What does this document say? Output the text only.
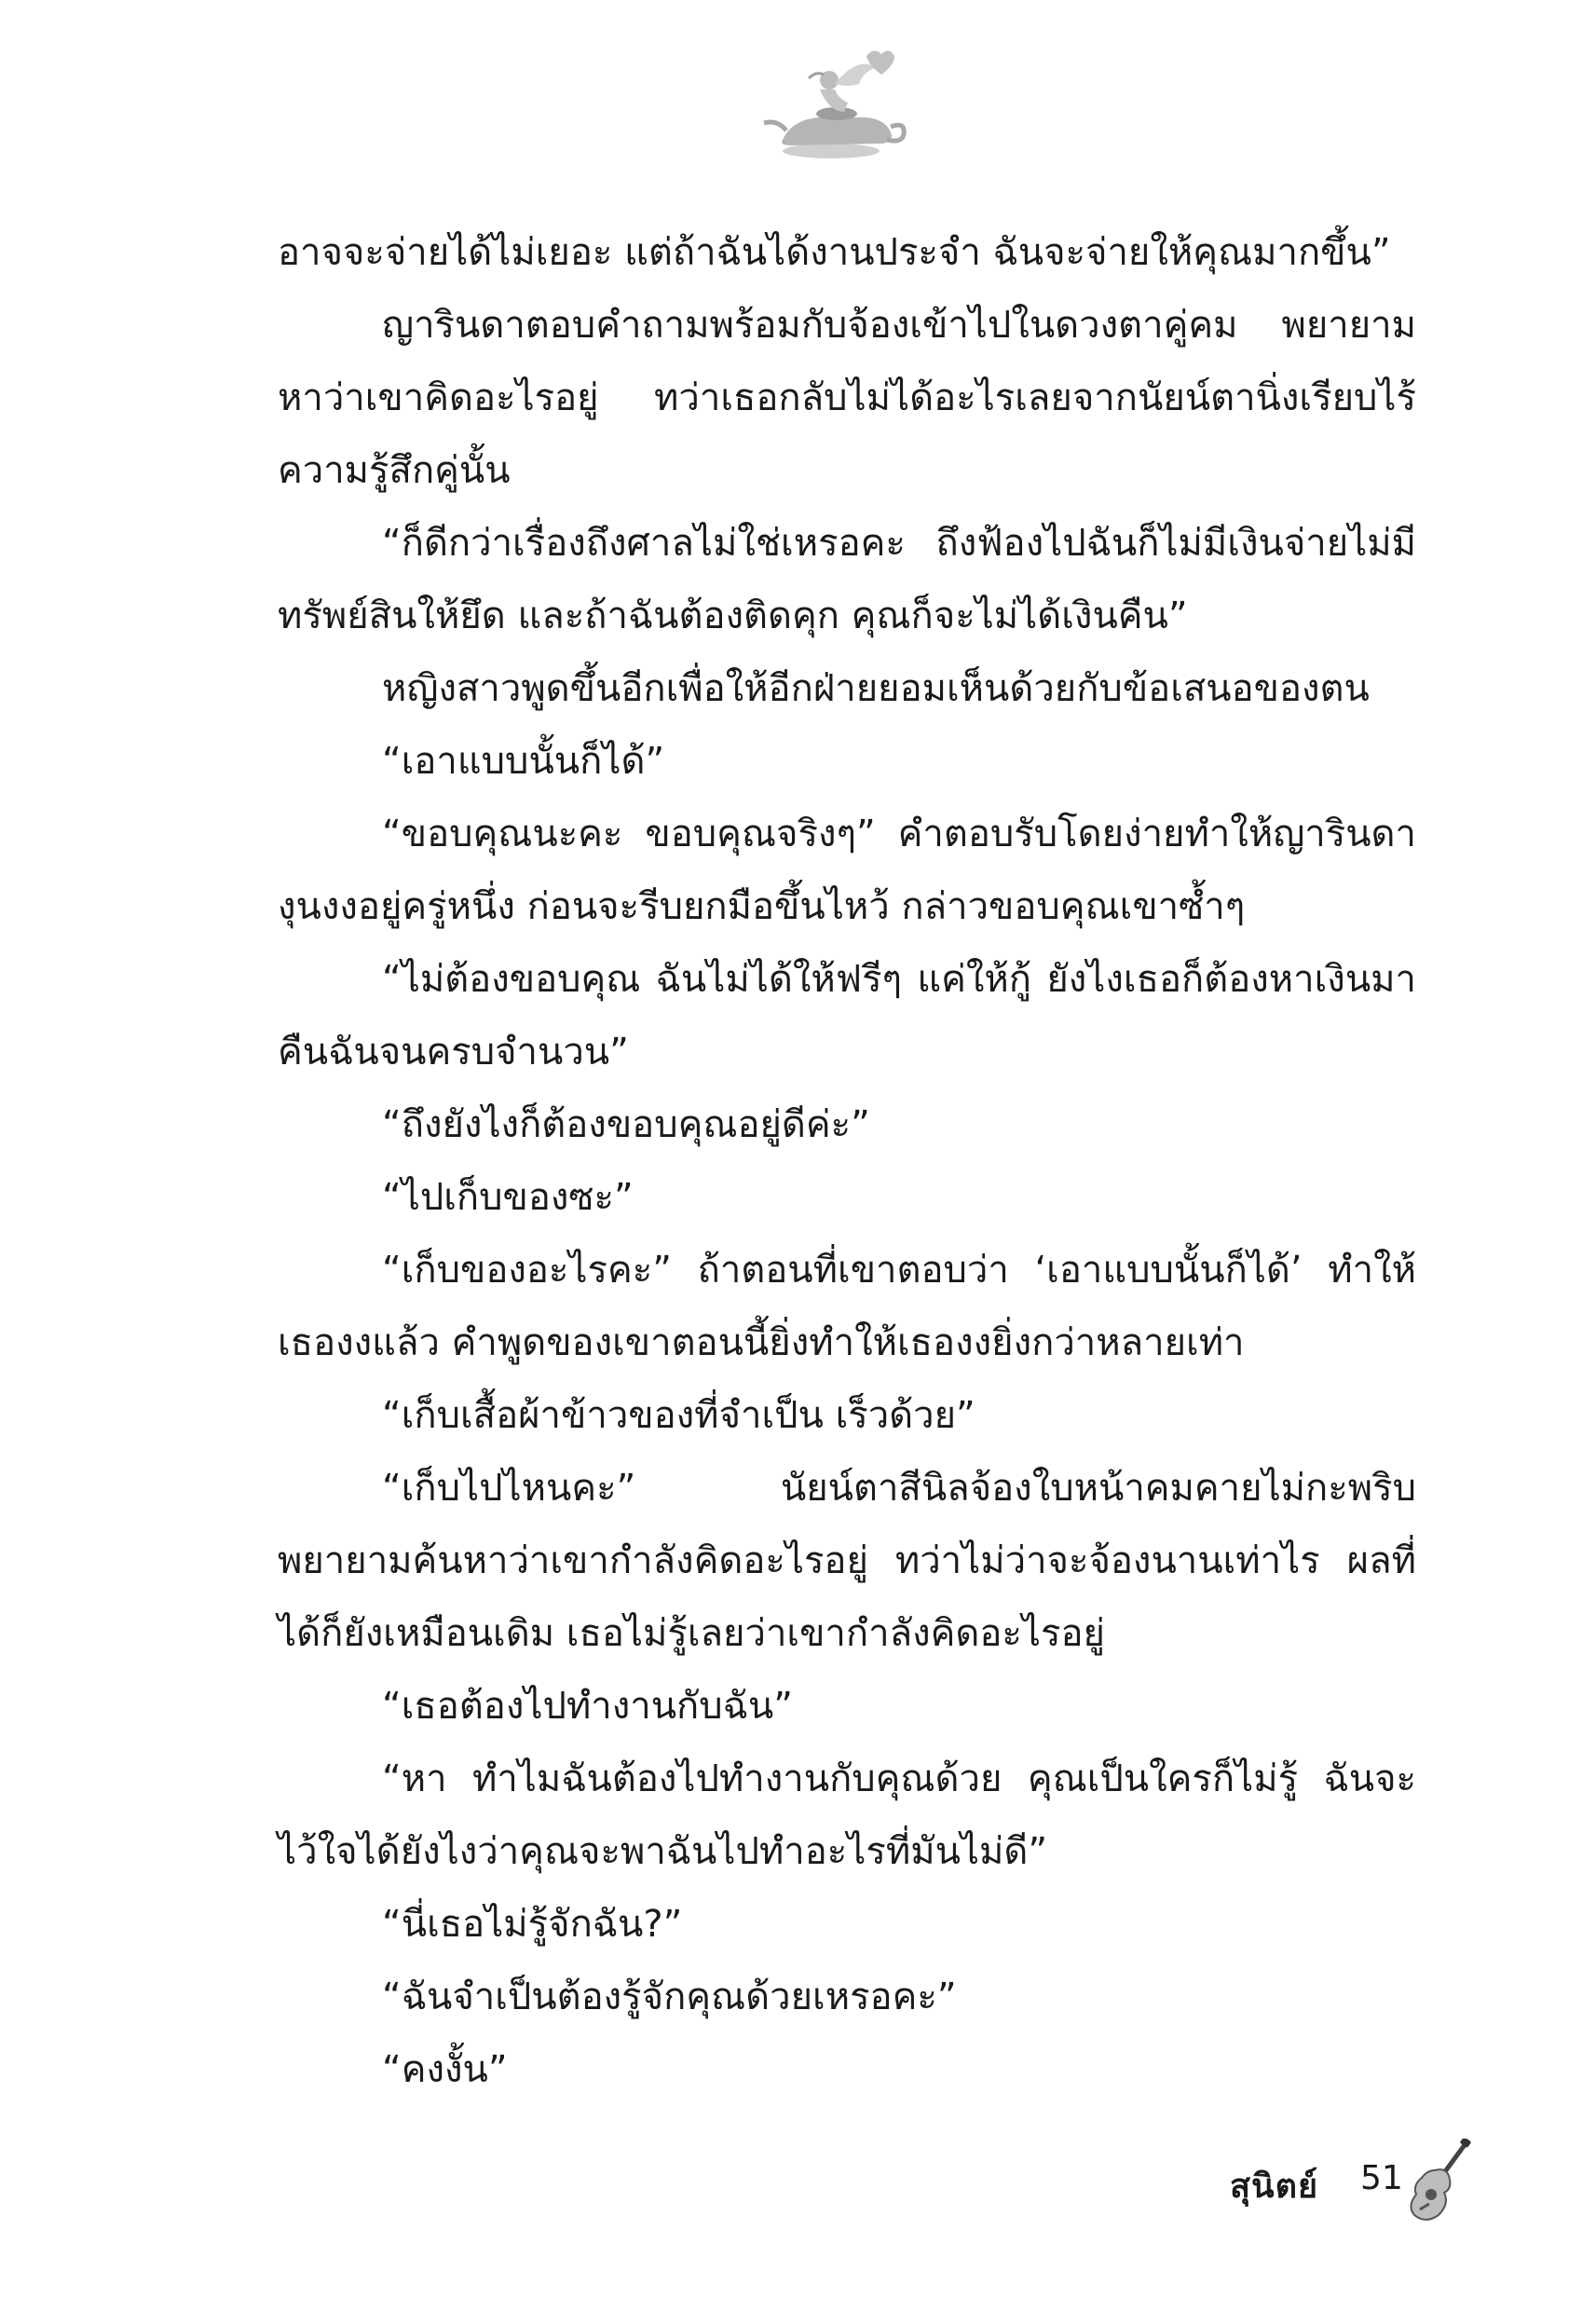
อาจจะจ่ายได้ไม่เยอะ แต่ถ้าฉันได้งานประจำ ฉันจะจ่ายให้คุณมากขึ้น”

ญารินดาตอบคำถามพร้อมกับจ้องเข้าไปในดวงตาคู่คม พยายามหาว่าเขาคิดอะไรอยู่ ทว่าเธอกลับไม่ได้อะไรเลยจากนัยน์ตานิ่งเรียบไร้ความรู้สึกคู่นั้น

“ก็ดีกว่าเรื่องถึงศาลไม่ใช่เหรอคะ ถึงฟ้องไปฉันก็ไม่มีเงินจ่ายไม่มีทรัพย์สินให้ยึด และถ้าฉันต้องติดคุก คุณก็จะไม่ได้เงินคืน”

หญิงสาวพูดขึ้นอีกเพื่อให้อีกฝ่ายยอมเห็นด้วยกับข้อเสนอของตน

“เอาแบบนั้นก็ได้”

“ขอบคุณนะคะ ขอบคุณจริงๆ” คำตอบรับโดยง่ายทำให้ญารินดางุนงงอยู่ครู่หนึ่ง ก่อนจะรีบยกมือขึ้นไหว้ กล่าวขอบคุณเขาซ้ำๆ

“ไม่ต้องขอบคุณ ฉันไม่ได้ให้ฟรีๆ แค่ให้กู้ ยังไงเธอก็ต้องหาเงินมาคืนฉันจนครบจำนวน”

“ถึงยังไงก็ต้องขอบคุณอยู่ดีค่ะ”

“ไปเก็บของซะ”

“เก็บของอะไรคะ” ถ้าตอนที่เขาตอบว่า ‘เอาแบบนั้นก็ได้’ ทำให้เธองงแล้ว คำพูดของเขาตอนนี้ยิ่งทำให้เธองงยิ่งกว่าหลายเท่า

“เก็บเสื้อผ้าข้าวของที่จำเป็น เร็วด้วย”

“เก็บไปไหนคะ” นัยน์ตาสีนิลจ้องใบหน้าคมคายไม่กะพริบพยายามค้นหาว่าเขากำลังคิดอะไรอยู่ ทว่าไม่ว่าจะจ้องนานเท่าไร ผลที่ได้ก็ยังเหมือนเดิม เธอไม่รู้เลยว่าเขากำลังคิดอะไรอยู่

“เธอต้องไปทำงานกับฉัน”

“หา ทำไมฉันต้องไปทำงานกับคุณด้วย คุณเป็นใครก็ไม่รู้ ฉันจะไว้ใจได้ยังไงว่าคุณจะพาฉันไปทำอะไรที่มันไม่ดี”

“นี่เธอไม่รู้จักฉัน?”

“ฉันจำเป็นต้องรู้จักคุณด้วยเหรอคะ”

“คงงั้น”

สุนิตย์ 51
